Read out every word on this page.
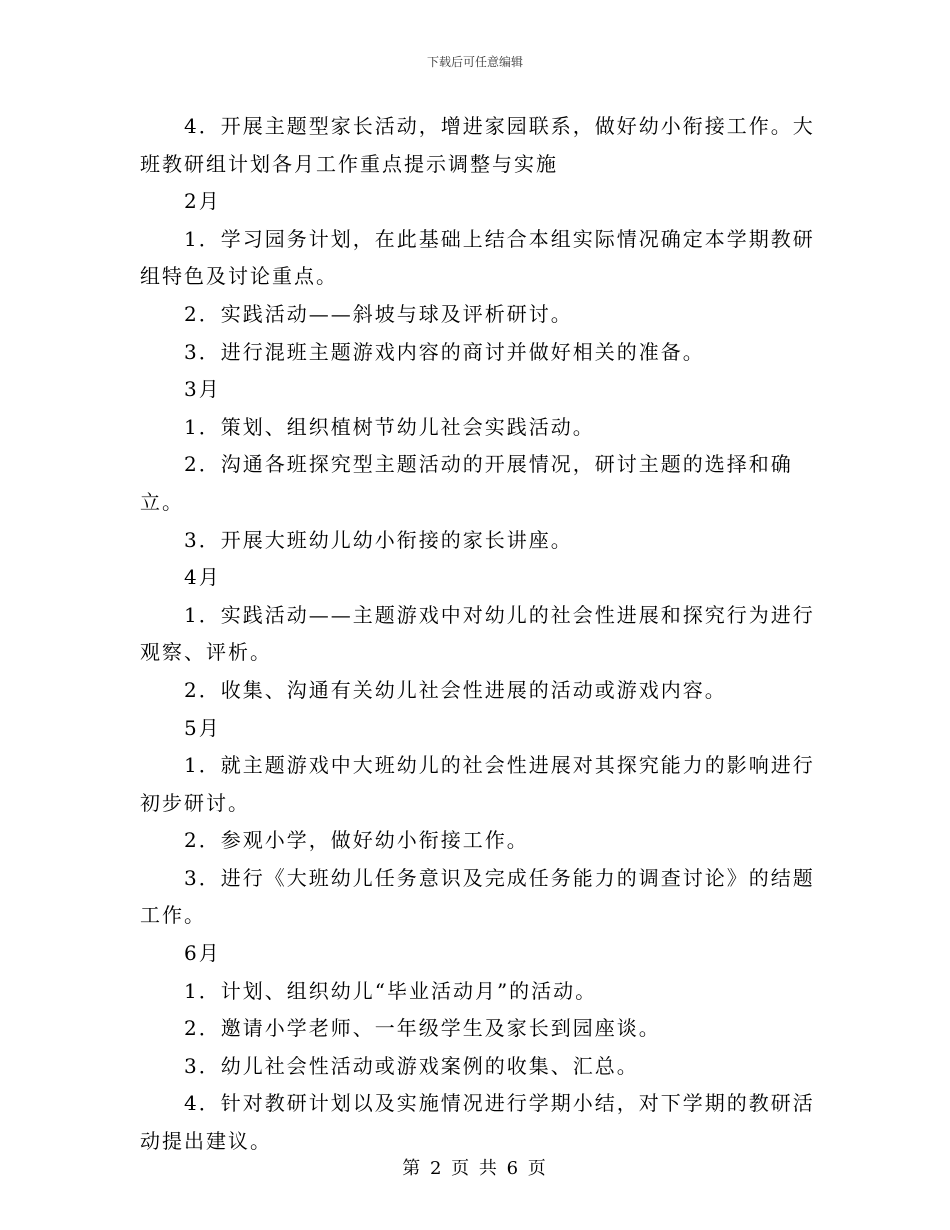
下载后可任意编辑

4．开展主题型家长活动，增进家园联系，做好幼小衔接工作。大班教研组计划各月工作重点提示调整与实施

2月

1．学习园务计划，在此基础上结合本组实际情况确定本学期教研组特色及讨论重点。

2．实践活动——斜坡与球及评析研讨。

3．进行混班主题游戏内容的商讨并做好相关的准备。

3月

1．策划、组织植树节幼儿社会实践活动。

2．沟通各班探究型主题活动的开展情况，研讨主题的选择和确立。

3．开展大班幼儿幼小衔接的家长讲座。

4月

1．实践活动——主题游戏中对幼儿的社会性进展和探究行为进行观察、评析。

2．收集、沟通有关幼儿社会性进展的活动或游戏内容。

5月

1．就主题游戏中大班幼儿的社会性进展对其探究能力的影响进行初步研讨。

2．参观小学，做好幼小衔接工作。

3．进行《大班幼儿任务意识及完成任务能力的调查讨论》的结题工作。

6月

1．计划、组织幼儿“毕业活动月”的活动。

2．邀请小学老师、一年级学生及家长到园座谈。

3．幼儿社会性活动或游戏案例的收集、汇总。

4．针对教研计划以及实施情况进行学期小结，对下学期的教研活动提出建议。

第 2 页 共 6 页
